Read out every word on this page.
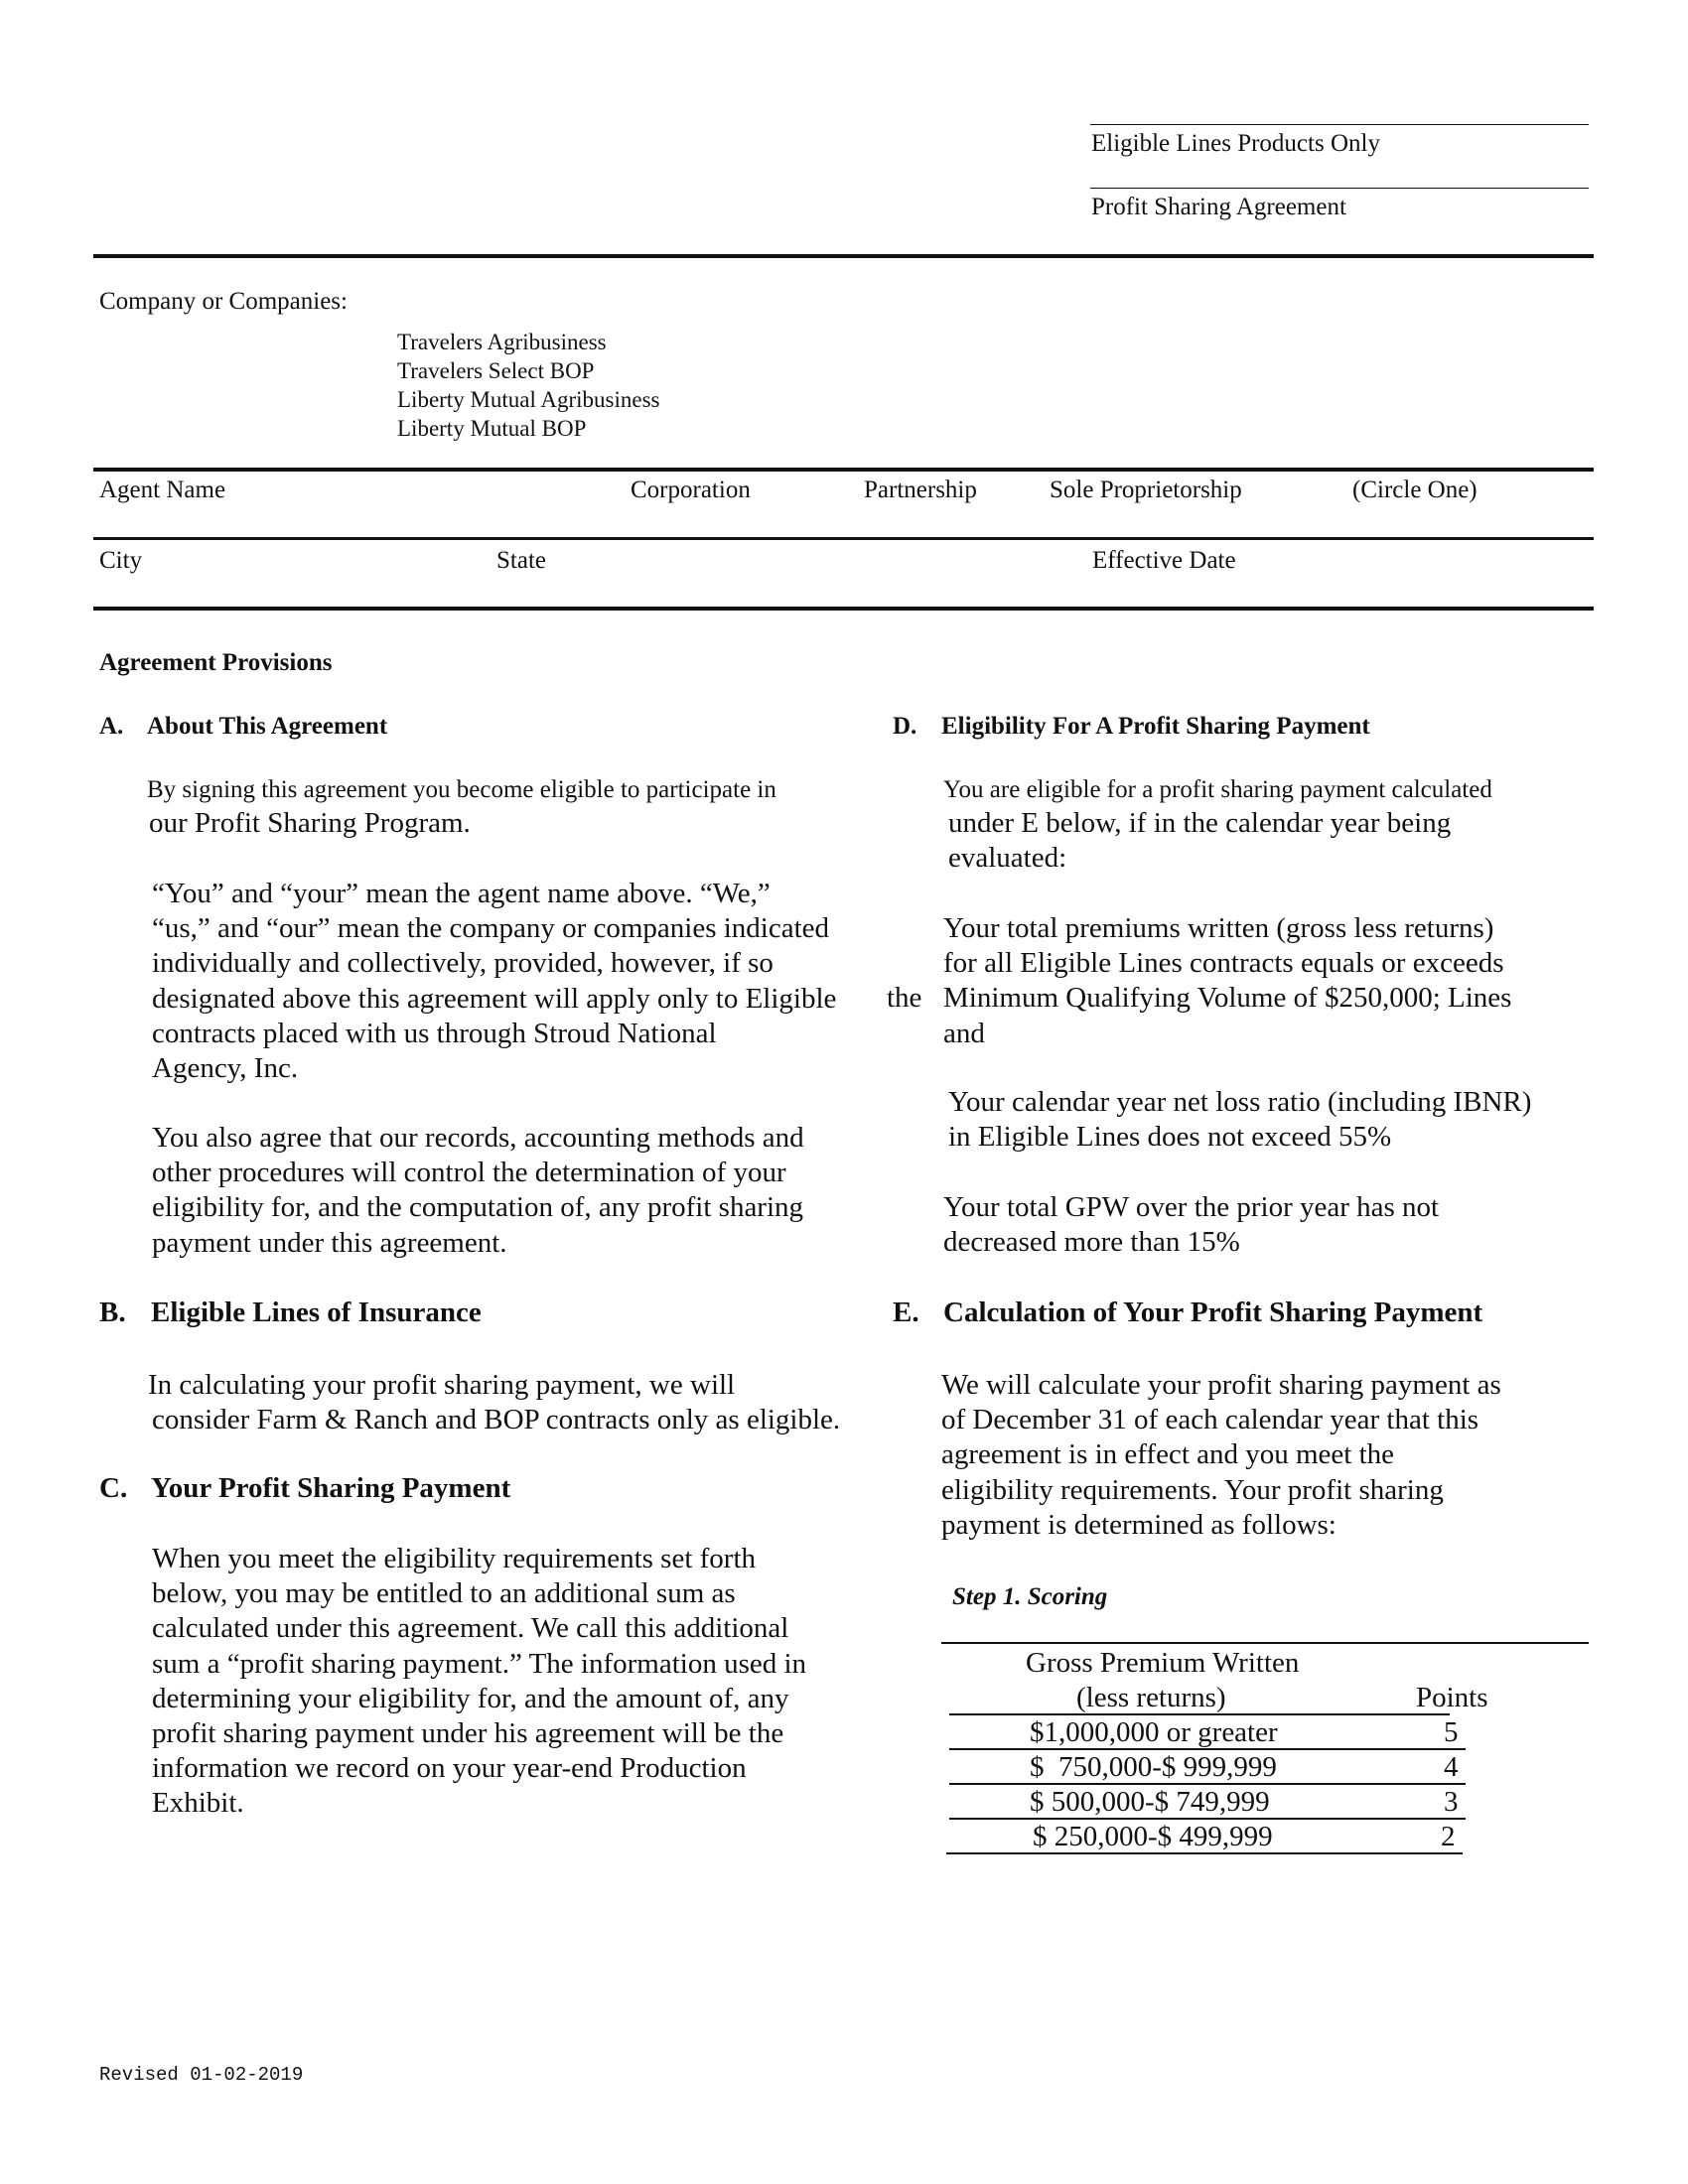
Eligible Lines Products Only
Profit Sharing Agreement
Company or Companies:
Travelers Agribusiness
Travelers Select BOP
Liberty Mutual Agribusiness
Liberty Mutual BOP
Agent Name	Corporation	Partnership	Sole Proprietorship	(Circle One)
City	State	Effective Date
Agreement Provisions
A. About This Agreement
By signing this agreement you become eligible to participate in
our Profit Sharing Program.
“You” and “your” mean the agent name above. “We,”
“us,” and “our” mean the company or companies indicated
individually and collectively, provided, however, if so
designated above this agreement will apply only to Eligible
contracts placed with us through Stroud National
Agency, Inc.
You also agree that our records, accounting methods and
other procedures will control the determination of your
eligibility for, and the computation of, any profit sharing
payment under this agreement.
B. Eligible Lines of Insurance
In calculating your profit sharing payment, we will
consider Farm & Ranch and BOP contracts only as eligible.
C. Your Profit Sharing Payment
When you meet the eligibility requirements set forth
below, you may be entitled to an additional sum as
calculated under this agreement. We call this additional
sum a “profit sharing payment.” The information used in
determining your eligibility for, and the amount of, any
profit sharing payment under his agreement will be the
information we record on your year-end Production
Exhibit.
D. Eligibility For A Profit Sharing Payment
You are eligible for a profit sharing payment calculated
under E below, if in the calendar year being
evaluated:
the
Your total premiums written (gross less returns)
for all Eligible Lines contracts equals or exceeds
Minimum Qualifying Volume of $250,000; Lines
and
Your calendar year net loss ratio (including IBNR)
in Eligible Lines does not exceed 55%
Your total GPW over the prior year has not
decreased more than 15%
E. Calculation of Your Profit Sharing Payment
We will calculate your profit sharing payment as
of December 31 of each calendar year that this
agreement is in effect and you meet the
eligibility requirements. Your profit sharing
payment is determined as follows:
Step 1. Scoring
Gross Premium Written
(less returns)	Points
$1,000,000 or greater	5
$  750,000-$ 999,999	4
$ 500,000-$ 749,999	3
$ 250,000-$ 499,999	2
Revised 01-02-2019
